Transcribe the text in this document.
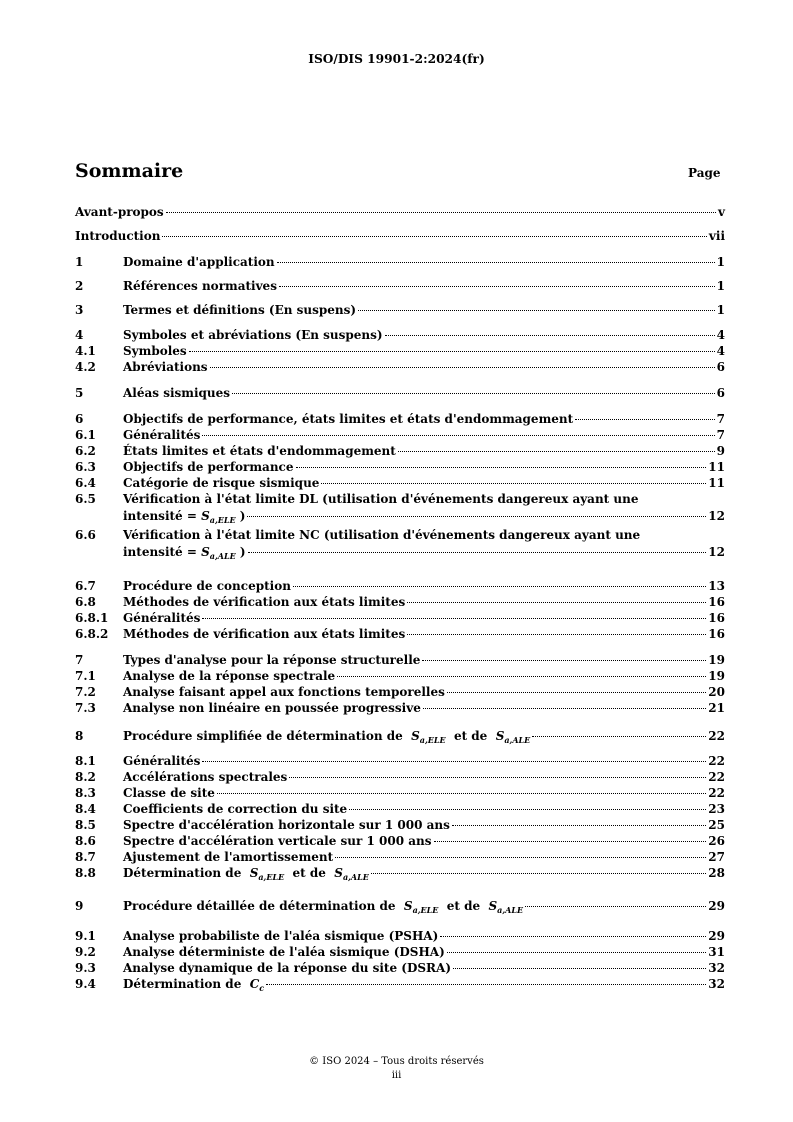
ISO/DIS 19901-2:2024(fr)
Sommaire	Page
Avant-propos	v
Introduction	vii
1	Domaine d'application	1
2	Références normatives	1
3	Termes et définitions (En suspens)	1
4	Symboles et abréviations (En suspens)	4
4.1 Symboles	4
4.2 Abréviations	6
5	Aléas sismiques	6
6	Objectifs de performance, états limites et états d'endommagement	7
6.1 Généralités	7
6.2 États limites et états d'endommagement	9
6.3 Objectifs de performance	11
6.4 Catégorie de risque sismique	11
6.5 Vérification à l'état limite DL (utilisation d'événements dangereux ayant une
intensité = $S_{a,ELE}$ )	12
6.6 Vérification à l'état limite NC (utilisation d'événements dangereux ayant une
intensité = $S_{a,ALE}$ )	12
6.7 Procédure de conception	13
6.8 Méthodes de vérification aux états limites	16
6.8.1 Généralités	16
6.8.2 Méthodes de vérification aux états limites	16
7	Types d'analyse pour la réponse structurelle	19
7.1 Analyse de la réponse spectrale	19
7.2 Analyse faisant appel aux fonctions temporelles	20
7.3 Analyse non linéaire en poussée progressive	21
8	Procédure simplifiée de détermination de $S_{a,ELE}$ et de $S_{a,ALE}$	22
8.1 Généralités	22
8.2 Accélérations spectrales	22
8.3 Classe de site	22
8.4 Coefficients de correction du site	23
8.5 Spectre d'accélération horizontale sur 1 000 ans	25
8.6 Spectre d'accélération verticale sur 1 000 ans	26
8.7 Ajustement de l'amortissement	27
8.8 Détermination de $S_{a,ELE}$ et de $S_{a,ALE}$	28
9	Procédure détaillée de détermination de $S_{a,ELE}$ et de $S_{a,ALE}$	29
9.1 Analyse probabiliste de l'aléa sismique (PSHA)	29
9.2 Analyse déterministe de l'aléa sismique (DSHA)	31
9.3 Analyse dynamique de la réponse du site (DSRA)	32
9.4 Détermination de $C_c$	32
© ISO 2024 – Tous droits réservés
iii
